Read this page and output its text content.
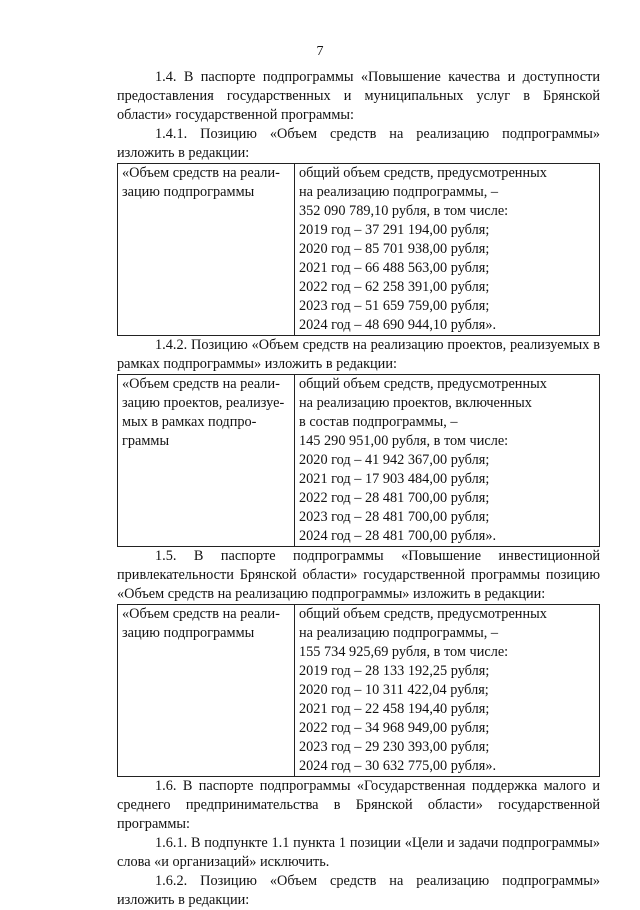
7

1.4. В паспорте подпрограммы «Повышение качества и доступности предоставления государственных и муниципальных услуг в Брянской области» государственной программы:

1.4.1. Позицию «Объем средств на реализацию подпрограммы» изложить в редакции:

«Объем средств на реали-
зацию подпрограммы
общий объем средств, предусмотренных
на реализацию подпрограммы, –
352 090 789,10 рубля, в том числе:
2019 год – 37 291 194,00 рубля;
2020 год – 85 701 938,00 рубля;
2021 год – 66 488 563,00 рубля;
2022 год – 62 258 391,00 рубля;
2023 год – 51 659 759,00 рубля;
2024 год – 48 690 944,10 рубля».

1.4.2. Позицию «Объем средств на реализацию проектов, реализуемых в рамках подпрограммы» изложить в редакции:

«Объем средств на реали-
зацию проектов, реализуе-
мых в рамках подпро-
граммы
общий объем средств, предусмотренных
на реализацию проектов, включенных
в состав подпрограммы, –
145 290 951,00 рубля, в том числе:
2020 год – 41 942 367,00 рубля;
2021 год – 17 903 484,00 рубля;
2022 год – 28 481 700,00 рубля;
2023 год – 28 481 700,00 рубля;
2024 год – 28 481 700,00 рубля».

1.5. В паспорте подпрограммы «Повышение инвестиционной привлекательности Брянской области» государственной программы позицию «Объем средств на реализацию подпрограммы» изложить в редакции:

«Объем средств на реали-
зацию подпрограммы
общий объем средств, предусмотренных
на реализацию подпрограммы, –
155 734 925,69 рубля, в том числе:
2019 год – 28 133 192,25 рубля;
2020 год – 10 311 422,04 рубля;
2021 год – 22 458 194,40 рубля;
2022 год – 34 968 949,00 рубля;
2023 год – 29 230 393,00 рубля;
2024 год – 30 632 775,00 рубля».

1.6. В паспорте подпрограммы «Государственная поддержка малого и среднего предпринимательства в Брянской области» государственной программы:

1.6.1. В подпункте 1.1 пункта 1 позиции «Цели и задачи подпрограммы» слова «и организаций» исключить.

1.6.2. Позицию «Объем средств на реализацию подпрограммы» изложить в редакции:
